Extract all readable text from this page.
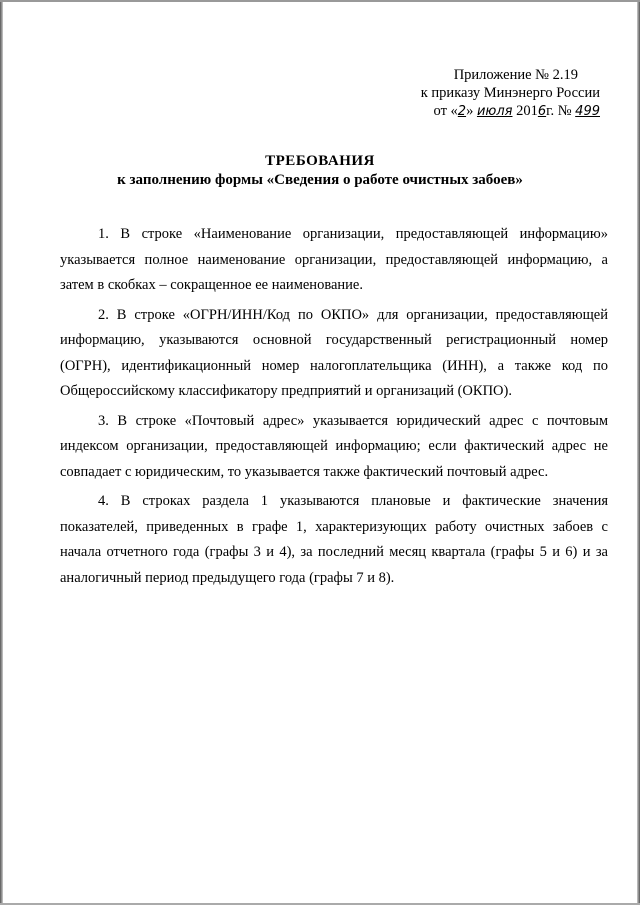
Приложение № 2.19
к приказу Минэнерго России
от «2» июля 2016г. № 499
ТРЕБОВАНИЯ
к заполнению формы «Сведения о работе очистных забоев»

1. В строке «Наименование организации, предоставляющей информацию» указывается полное наименование организации, предоставляющей информацию, а затем в скобках – сокращенное ее наименование.

2. В строке «ОГРН/ИНН/Код по ОКПО» для организации, предоставляющей информацию, указываются основной государственный регистрационный номер (ОГРН), идентификационный номер налогоплательщика (ИНН), а также код по Общероссийскому классификатору предприятий и организаций (ОКПО).

3. В строке «Почтовый адрес» указывается юридический адрес с почтовым индексом организации, предоставляющей информацию; если фактический адрес не совпадает с юридическим, то указывается также фактический почтовый адрес.

4. В строках раздела 1 указываются плановые и фактические значения показателей, приведенных в графе 1, характеризующих работу очистных забоев с начала отчетного года (графы 3 и 4), за последний месяц квартала (графы 5 и 6) и за аналогичный период предыдущего года (графы 7 и 8).
